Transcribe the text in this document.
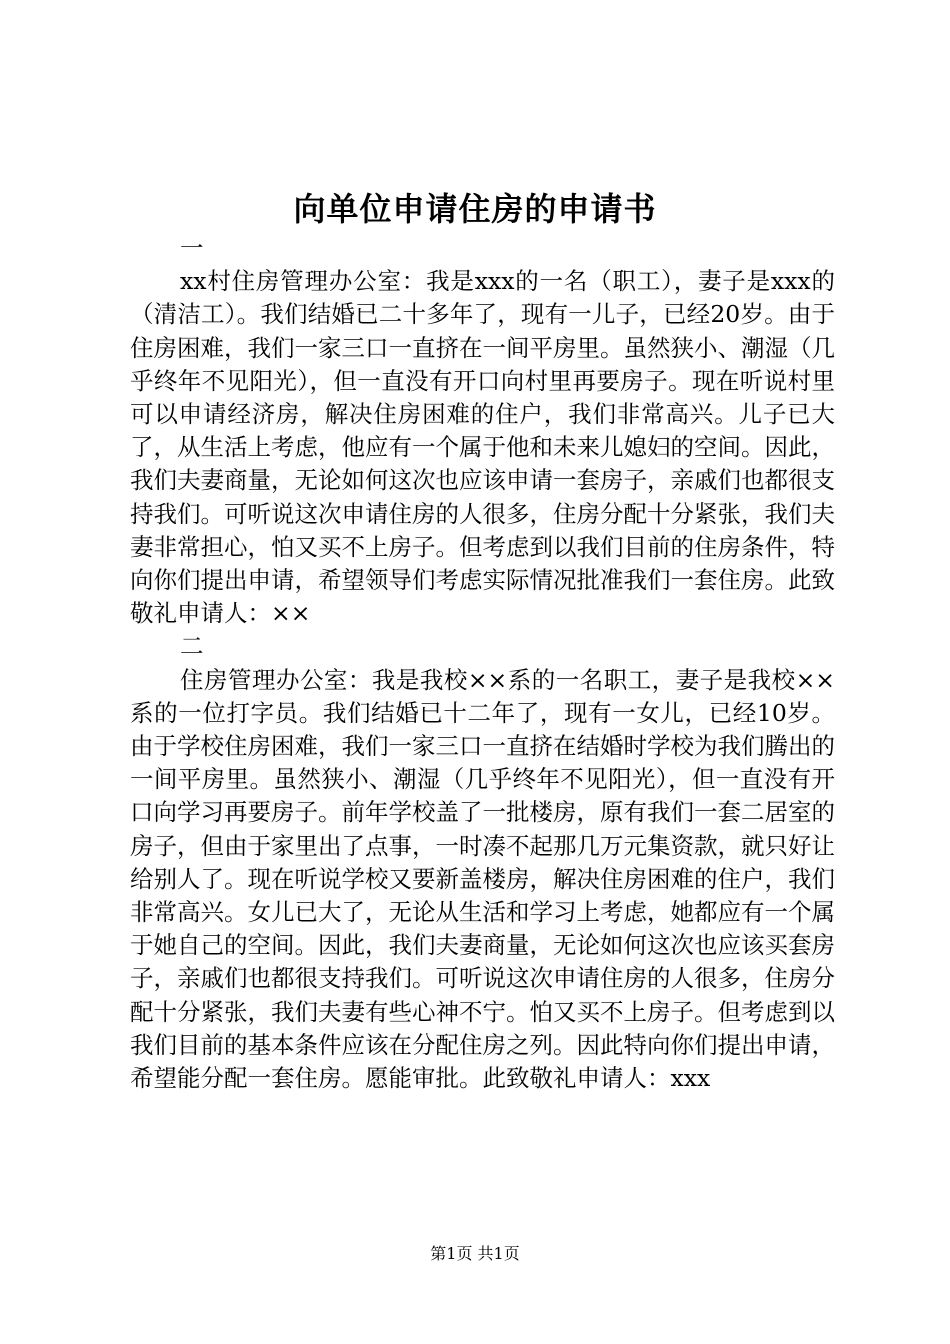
向单位申请住房的申请书

一

xx村住房管理办公室：我是xxx的一名（职工），妻子是xxx的（清洁工）。我们结婚已二十多年了，现有一儿子，已经20岁。由于住房困难，我们一家三口一直挤在一间平房里。虽然狭小、潮湿（几乎终年不见阳光），但一直没有开口向村里再要房子。现在听说村里可以申请经济房，解决住房困难的住户，我们非常高兴。儿子已大了，从生活上考虑，他应有一个属于他和未来儿媳妇的空间。因此，我们夫妻商量，无论如何这次也应该申请一套房子，亲戚们也都很支持我们。可听说这次申请住房的人很多，住房分配十分紧张，我们夫妻非常担心，怕又买不上房子。但考虑到以我们目前的住房条件，特向你们提出申请，希望领导们考虑实际情况批准我们一套住房。此致敬礼申请人：××

二

住房管理办公室：我是我校××系的一名职工，妻子是我校××系的一位打字员。我们结婚已十二年了，现有一女儿，已经10岁。由于学校住房困难，我们一家三口一直挤在结婚时学校为我们腾出的一间平房里。虽然狭小、潮湿（几乎终年不见阳光），但一直没有开口向学习再要房子。前年学校盖了一批楼房，原有我们一套二居室的房子，但由于家里出了点事，一时凑不起那几万元集资款，就只好让给别人了。现在听说学校又要新盖楼房，解决住房困难的住户，我们非常高兴。女儿已大了，无论从生活和学习上考虑，她都应有一个属于她自己的空间。因此，我们夫妻商量，无论如何这次也应该买套房子，亲戚们也都很支持我们。可听说这次申请住房的人很多，住房分配十分紧张，我们夫妻有些心神不宁。怕又买不上房子。但考虑到以我们目前的基本条件应该在分配住房之列。因此特向你们提出申请，希望能分配一套住房。愿能审批。此致敬礼申请人：xxx

第1页 共1页
